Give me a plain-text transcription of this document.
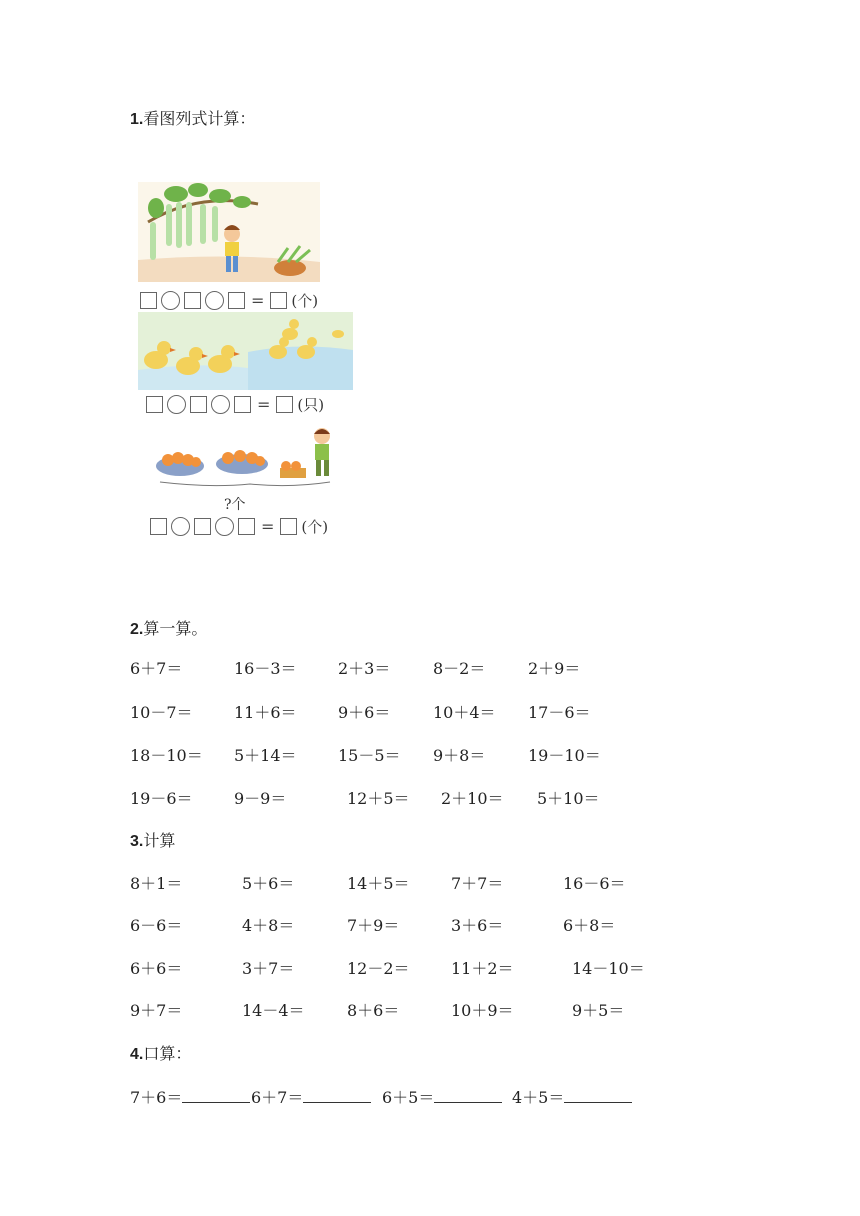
1.看图列式计算：
= (个)
= (只)
?个
= (个)
2.算一算。
6＋7＝	16－3＝	2＋3＝	8－2＝	2＋9＝
10－7＝	11＋6＝	9＋6＝	10＋4＝ 17－6＝
18－10＝ 5＋14＝	15－5＝ 9＋8＝	19－10＝
19－6＝	9－9＝	12＋5＝ 2＋10＝ 5＋10＝
3.计算
8＋1＝	5＋6＝	14＋5＝	7＋7＝	16－6＝
6－6＝	4＋8＝	7＋9＝	3＋6＝	6＋8＝
6＋6＝	3＋7＝	12－2＝	11＋2＝	14－10＝
9＋7＝	14－4＝	8＋6＝	10＋9＝	9＋5＝
4.口算：
7＋6＝	6＋7＝	6＋5＝	4＋5＝
